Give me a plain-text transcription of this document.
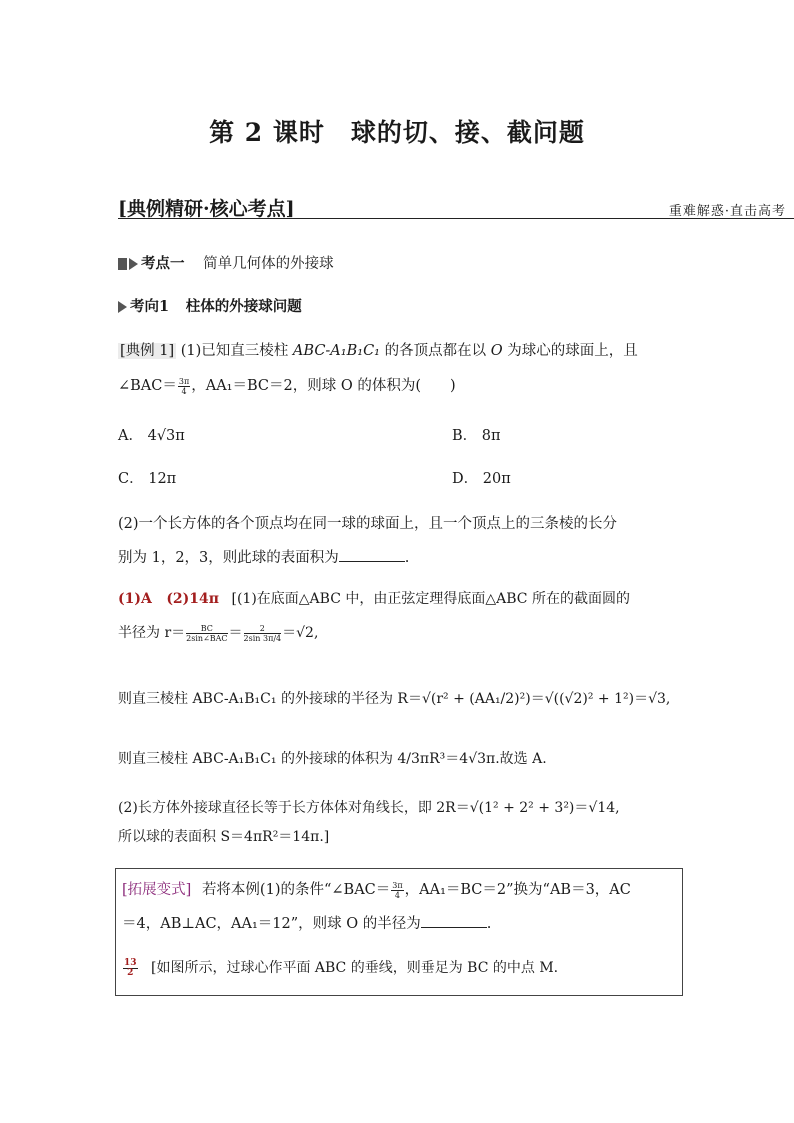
第 2 课时　球的切、接、截问题
[典例精研·核心考点]	重难解惑·直击高考
考点一 简单几何体的外接球
考向1 柱体的外接球问题
[典例 1] (1)已知直三棱柱 ABC-A₁B₁C₁ 的各顶点都在以 O 为球心的球面上，且
∠BAC＝ $\frac{3\pi}{4}$ ，AA₁＝BC＝2，则球 O 的体积为(　　)
A． 4√3π	B． 8π
C． 12π	D． 20π
(2)一个长方体的各个顶点均在同一球的球面上，且一个顶点上的三条棱的长分
别为 1，2，3，则此球的表面积为	.
(1)A (2)14π [(1)在底面△ABC 中，由正弦定理得底面△ABC 所在的截面圆的
半径为 $r= \frac{BC}{\text{2sin∠BAC}} = \frac{2}{2\sin 3\pi/4} =√2$,
则直三棱柱 ABC-A₁B₁C₁ 的外接球的半径为 R＝√(r² + (AA₁/2)²)＝√((√2)² + 1²)＝√3,
则直三棱柱 ABC-A₁B₁C₁ 的外接球的体积为 4/3πR³＝4√3π.故选 A.
(2)长方体外接球直径长等于长方体体对角线长，即 2R＝√(1² + 2² + 3²)＝√14,
所以球的表面积 S＝4πR²＝14π.]
[拓展变式] 若将本例(1)的条件“∠BAC＝ $\frac{3\pi}{4}$ ，AA₁＝BC＝2”换为“AB＝3，AC
＝4，AB⊥AC，AA₁＝12”，则球 O 的半径为	.
$\frac{13}{2}$ [如图所示，过球心作平面 ABC 的垂线，则垂足为 BC 的中点 M.
